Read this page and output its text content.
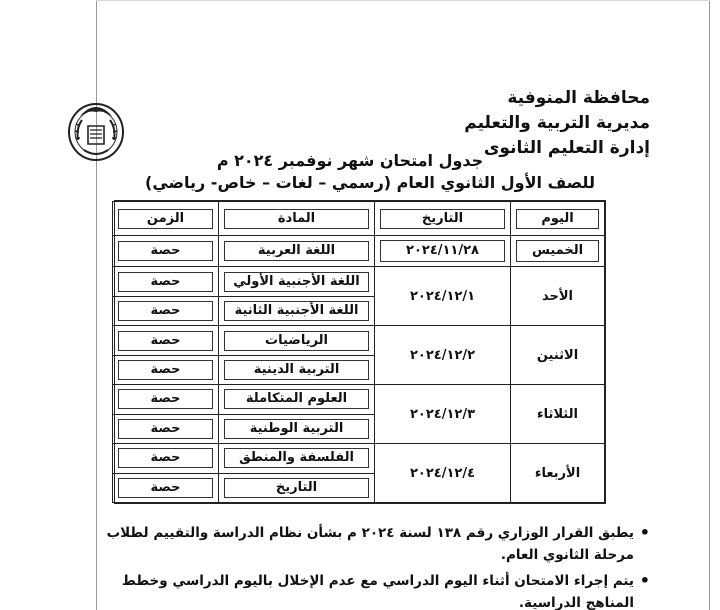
محافظة المنوفية
مديرية التربية والتعليم
إدارة التعليم الثانوى
جدول امتحان شهر نوفمبر ٢٠٢٤ م
للصف الأول الثانوي العام (رسمي – لغات – خاص- رياضي)
اليوم	التاريخ	المادة	الزمن

الخميس	٢٠٢٤/١١/٢٨	اللغة العربية	حصة

الأحد	٢٠٢٤/١٢/١	اللغة الأجنبية الأولي	حصة

اللغة الأجنبية الثانية	حصة

الاثنين	٢٠٢٤/١٢/٢	الرياضيات	حصة

التربية الدينية	حصة

الثلاثاء	٢٠٢٤/١٢/٣	العلوم المتكاملة	حصة

التربية الوطنية	حصة

الأربعاء	٢٠٢٤/١٢/٤	الفلسفة والمنطق	حصة

التاريخ	حصة
• يطبق القرار الوزاري رقم ١٣٨ لسنة ٢٠٢٤ م بشأن نظام الدراسة والتقييم لطلاب مرحلة الثانوي العام.
• يتم إجراء الامتحان أثناء اليوم الدراسي مع عدم الإخلال باليوم الدراسي وخطط المناهج الدراسية.
